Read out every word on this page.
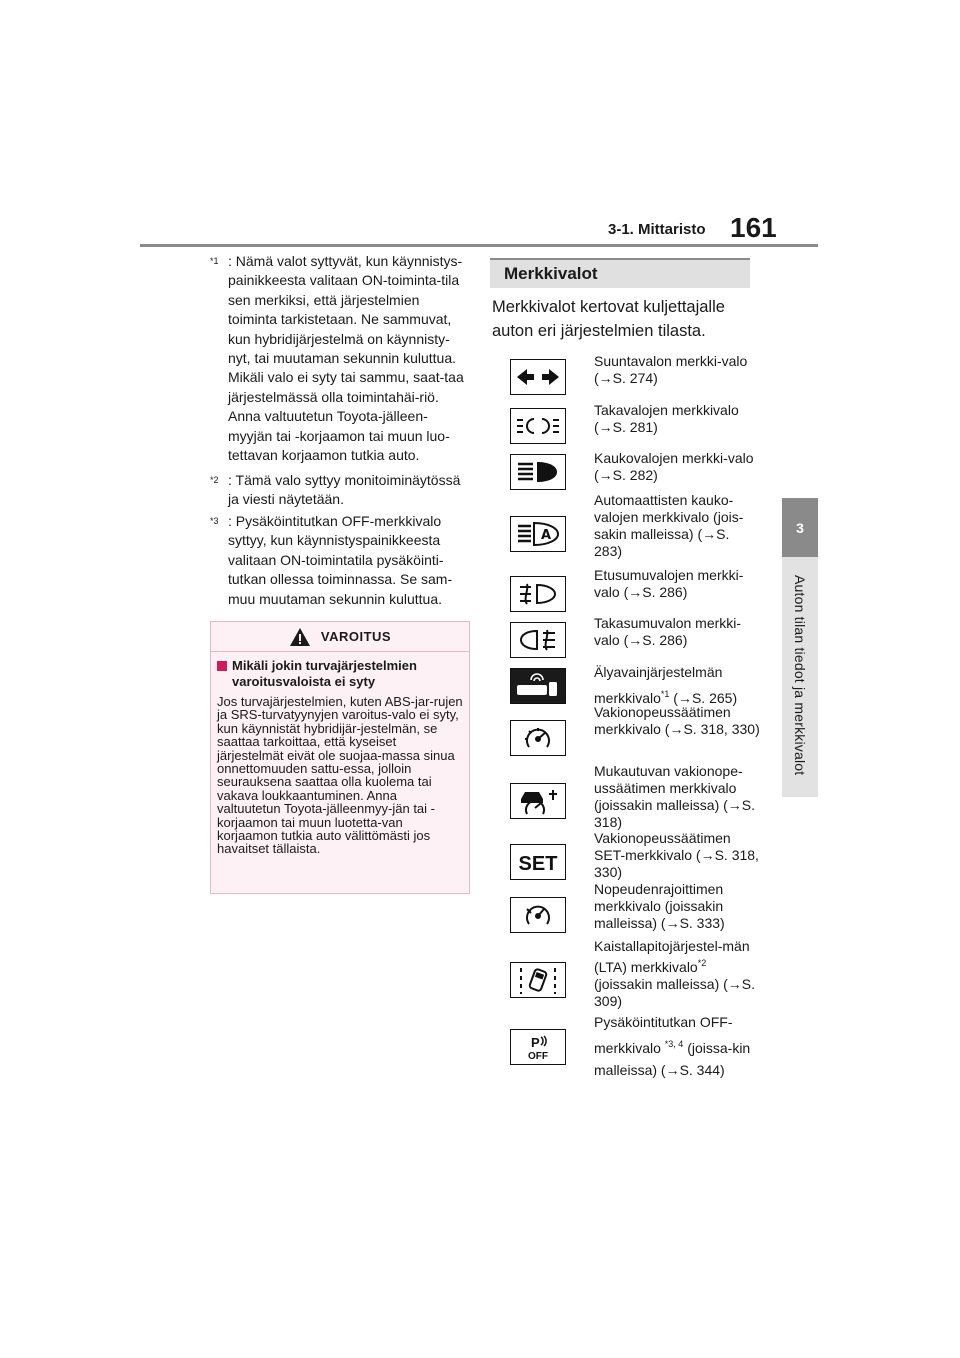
3-1. Mittaristo 161
3
Auton tilan tiedot ja merkkivalot
$^{*1}$ : Nämä valot syttyvät, kun käynnistys-painikkeesta valitaan ON-toiminta-tila sen merkiksi, että järjestelmien toiminta tarkistetaan. Ne sammuvat, kun hybridijärjestelmä on käynnisty-nyt, tai muutaman sekunnin kuluttua. Mikäli valo ei syty tai sammu, saat-taa järjestelmässä olla toimintahäi-riö. Anna valtuutetun Toyota-jälleen-myyjän tai -korjaamon tai muun luo-tettavan korjaamon tutkia auto.
$^{*2}$ : Tämä valo syttyy monitoiminäytössä ja viesti näytetään.
$^{*3}$ : Pysäköintitutkan OFF-merkkivalo syttyy, kun käynnistyspainikkeesta valitaan ON-toimintatila pysäköinti-tutkan ollessa toiminnassa. Se sam-muu muutaman sekunnin kuluttua.
VAROITUS
Mikäli jokin turvajärjestelmien varoitusvaloista ei syty
Jos turvajärjestelmien, kuten ABS-jar-rujen ja SRS-turvatyynyjen varoitus-valo ei syty, kun käynnistät hybridijär-jestelmän, se saattaa tarkoittaa, että kyseiset järjestelmät eivät ole suojaa-massa sinua onnettomuuden sattu-essa, jolloin seurauksena saattaa olla kuolema tai vakava loukkaantuminen. Anna valtuutetun Toyota-jälleenmyy-jän tai -korjaamon tai muun luotetta-van korjaamon tutkia auto välittömästi jos havaitset tällaista.
Merkkivalot
Merkkivalot kertovat kuljettajalle auton eri järjestelmien tilasta.
Suuntavalon merkki-valo (→S. 274)
Takavalojen merkkivalo (→S. 281)
Kaukovalojen merkki-valo (→S. 282)
A
Automaattisten kauko-valojen merkkivalo (jois-sakin malleissa) (→S. 283)
Etusumuvalojen merkki-valo (→S. 286)
Takasumuvalon merkki-valo (→S. 286)
Älyavainjärjestelmän merkkivalo$^{*1}$ (→S. 265)
Vakionopeussäätimen merkkivalo (→S. 318, 330)
Mukautuvan vakionope-ussäätimen merkkivalo (joissakin malleissa) (→S. 318)
SET
Vakionopeussäätimen SET-merkkivalo (→S. 318, 330)
Nopeudenrajoittimen merkkivalo (joissakin malleissa) (→S. 333)
Kaistallapitojärjestel-män (LTA) merkkivalo$^{*2}$ (joissakin malleissa) (→S. 309)
P
OFF
Pysäköintitutkan OFF-merkkivalo $^{*3, 4}$ (joissa-kin malleissa) (→S. 344)
